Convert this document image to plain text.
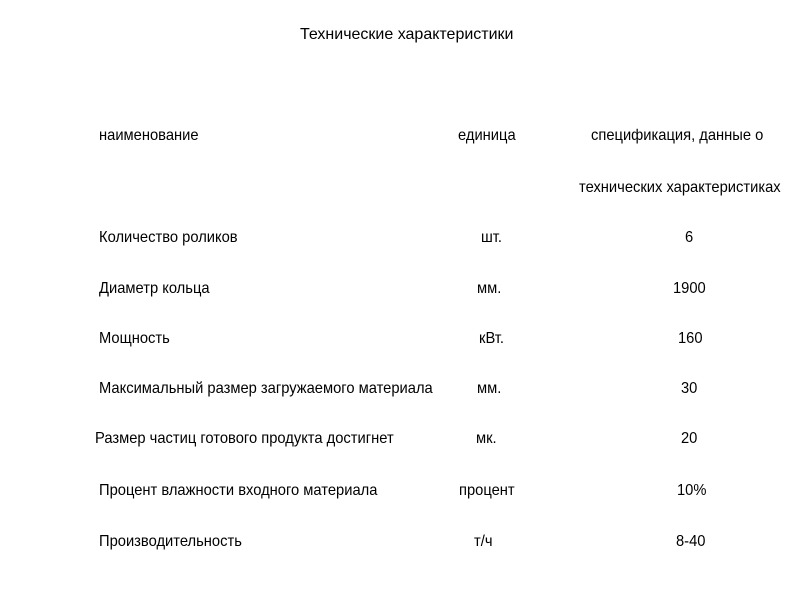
Технические характеристики
наименование	единица	спецификация, данные о
технических характеристиках
Количество роликов	шт.	6
Диаметр кольца	мм.	1900
Мощность	кВт.	160
Максимальный размер загружаемого материала	мм.	30
Размер частиц готового продукта достигнет	мк.	20
Процент влажности входного материала	процент	10%
Производительность	т/ч	8-40
